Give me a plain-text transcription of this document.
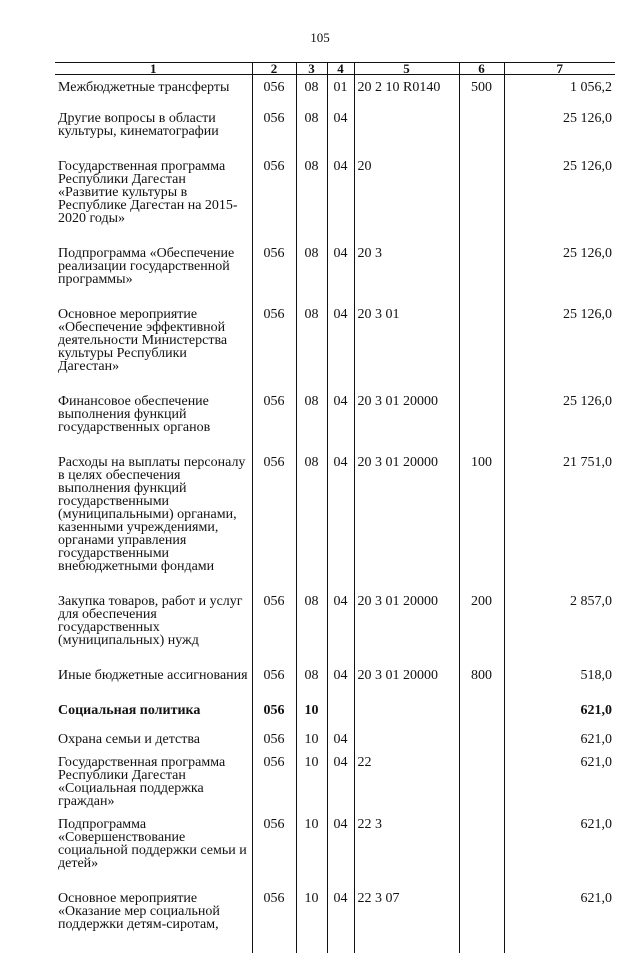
105
1	2	3	4	5	6	7
Межбюджетные трансферты	056	08	01	20 2 10 R0140	500	1 056,2
Другие вопросы в области культуры, кинематографии	056	08	04			25 126,0
Государственная программа Республики Дагестан «Развитие культуры в Республике Дагестан на 2015-2020 годы»	056	08	04	20		25 126,0
Подпрограмма «Обеспечение реализации государственной программы»	056	08	04	20 3		25 126,0
Основное мероприятие «Обеспечение эффективной деятельности Министерства культуры Республики Дагестан»	056	08	04	20 3 01		25 126,0
Финансовое обеспечение выполнения функций государственных органов	056	08	04	20 3 01 20000		25 126,0
Расходы на выплаты персоналу в целях обеспечения выполнения функций государственными (муниципальными) органами, казенными учреждениями, органами управления государственными внебюджетными фондами	056	08	04	20 3 01 20000	100	21 751,0
Закупка товаров, работ и услуг для обеспечения государственных (муниципальных) нужд	056	08	04	20 3 01 20000	200	2 857,0
Иные бюджетные ассигнования	056	08	04	20 3 01 20000	800	518,0
Социальная политика	056	10				621,0
Охрана семьи и детства	056	10	04			621,0
Государственная программа Республики Дагестан «Социальная поддержка граждан»	056	10	04	22		621,0
Подпрограмма «Совершенствование социальной поддержки семьи и детей»	056	10	04	22 3		621,0
Основное мероприятие «Оказание мер социальной поддержки детям-сиротам,	056	10	04	22 3 07		621,0
